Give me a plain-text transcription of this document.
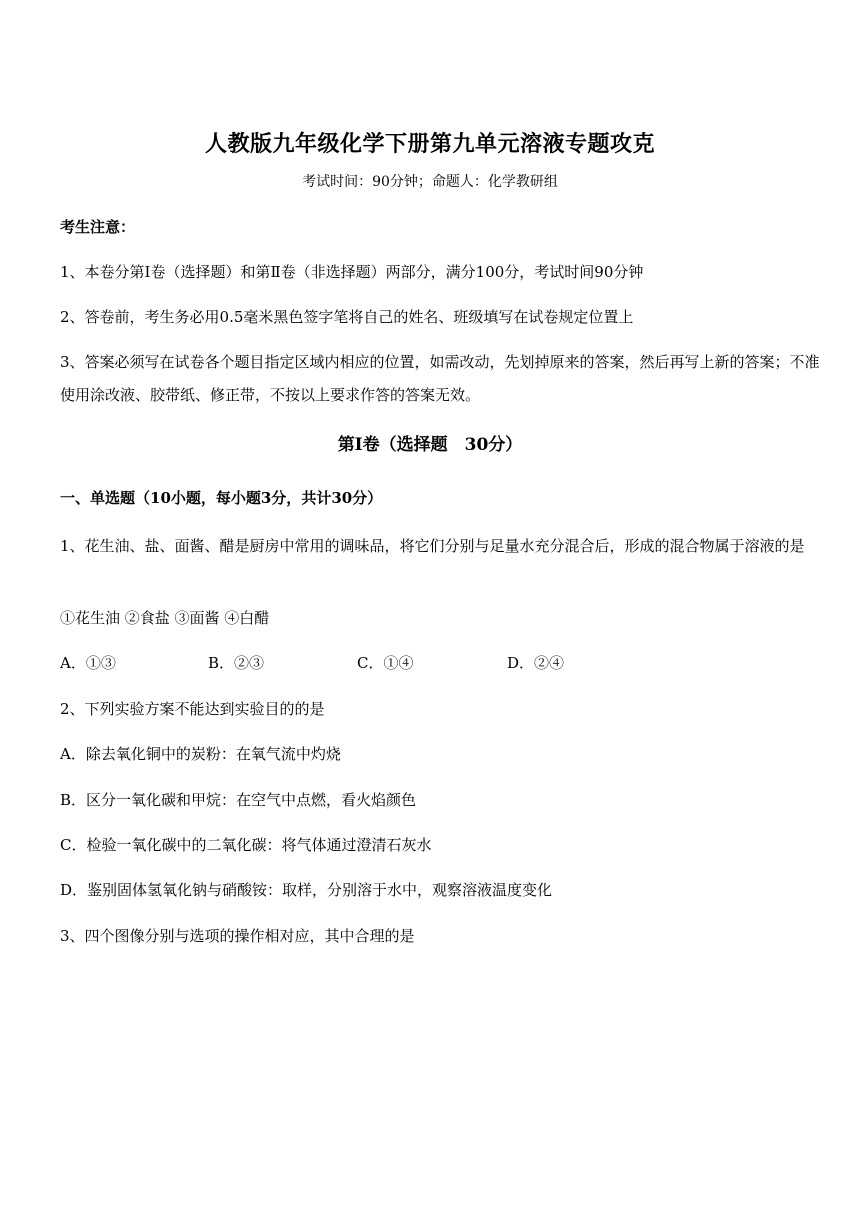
人教版九年级化学下册第九单元溶液专题攻克
考试时间：90分钟；命题人：化学教研组
考生注意：
1、本卷分第Ⅰ卷（选择题）和第Ⅱ卷（非选择题）两部分，满分100分，考试时间90分钟
2、答卷前，考生务必用0.5毫米黑色签字笔将自己的姓名、班级填写在试卷规定位置上
3、答案必须写在试卷各个题目指定区域内相应的位置，如需改动，先划掉原来的答案，然后再写上新的答案；不准使用涂改液、胶带纸、修正带，不按以上要求作答的答案无效。
第Ⅰ卷（选择题　30分）
一、单选题（10小题，每小题3分，共计30分）
1、花生油、盐、面酱、醋是厨房中常用的调味品，将它们分别与足量水充分混合后，形成的混合物属于溶液的是
①花生油 ②食盐 ③面酱 ④白醋
A．①③	B．②③	C．①④	D．②④
2、下列实验方案不能达到实验目的的是
A．除去氧化铜中的炭粉：在氧气流中灼烧
B．区分一氧化碳和甲烷：在空气中点燃，看火焰颜色
C．检验一氧化碳中的二氧化碳：将气体通过澄清石灰水
D．鉴别固体氢氧化钠与硝酸铵：取样，分别溶于水中，观察溶液温度变化
3、四个图像分别与选项的操作相对应，其中合理的是
